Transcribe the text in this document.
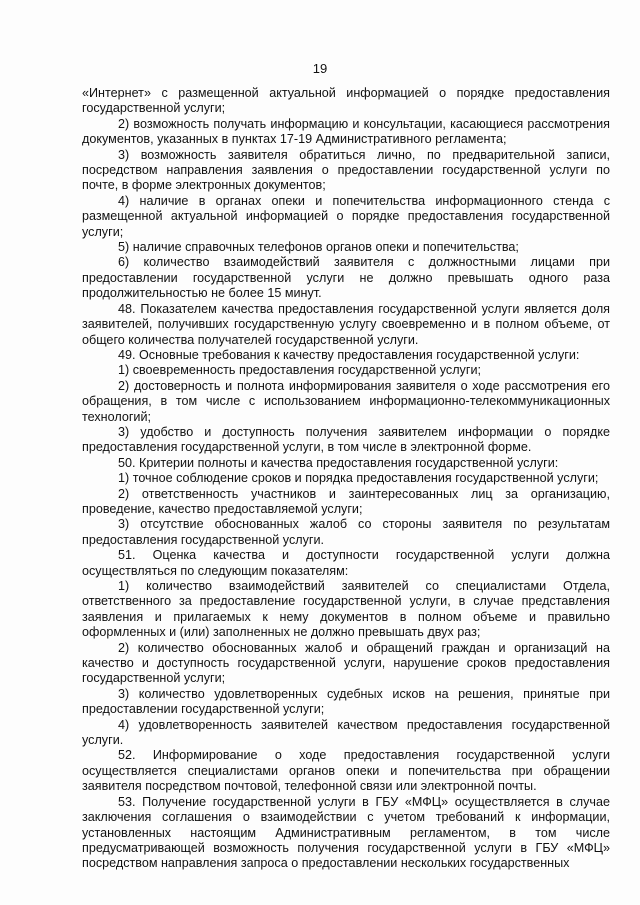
19

«Интернет» с размещенной актуальной информацией о порядке предоставления государственной услуги;

2) возможность получать информацию и консультации, касающиеся рассмотрения документов, указанных в пунктах 17-19 Административного регламента;

3) возможность заявителя обратиться лично, по предварительной записи, посредством направления заявления о предоставлении государственной услуги по почте, в форме электронных документов;

4) наличие в органах опеки и попечительства информационного стенда с размещенной актуальной информацией о порядке предоставления государственной услуги;

5) наличие справочных телефонов органов опеки и попечительства;

6) количество взаимодействий заявителя с должностными лицами при предоставлении государственной услуги не должно превышать одного раза продолжительностью не более 15 минут.

48. Показателем качества предоставления государственной услуги является доля заявителей, получивших государственную услугу своевременно и в полном объеме, от общего количества получателей государственной услуги.

49. Основные требования к качеству предоставления государственной услуги:

1) своевременность предоставления государственной услуги;

2) достоверность и полнота информирования заявителя о ходе рассмотрения его обращения, в том числе с использованием информационно-телекоммуникационных технологий;

3) удобство и доступность получения заявителем информации о порядке предоставления государственной услуги, в том числе в электронной форме.

50. Критерии полноты и качества предоставления государственной услуги:

1) точное соблюдение сроков и порядка предоставления государственной услуги;

2) ответственность участников и заинтересованных лиц за организацию, проведение, качество предоставляемой услуги;

3) отсутствие обоснованных жалоб со стороны заявителя по результатам предоставления государственной услуги.

51. Оценка качества и доступности государственной услуги должна осуществляться по следующим показателям:

1) количество взаимодействий заявителей со специалистами Отдела, ответственного за предоставление государственной услуги, в случае представления заявления и прилагаемых к нему документов в полном объеме и правильно оформленных и (или) заполненных не должно превышать двух раз;

2) количество обоснованных жалоб и обращений граждан и организаций на качество и доступность государственной услуги, нарушение сроков предоставления государственной услуги;

3) количество удовлетворенных судебных исков на решения, принятые при предоставлении государственной услуги;

4) удовлетворенность заявителей качеством предоставления государственной услуги.

52. Информирование о ходе предоставления государственной услуги осуществляется специалистами органов опеки и попечительства при обращении заявителя посредством почтовой, телефонной связи или электронной почты.

53. Получение государственной услуги в ГБУ «МФЦ» осуществляется в случае заключения соглашения о взаимодействии с учетом требований к информации, установленных настоящим Административным регламентом, в том числе предусматривающей возможность получения государственной услуги в ГБУ «МФЦ» посредством направления запроса о предоставлении нескольких государственных
